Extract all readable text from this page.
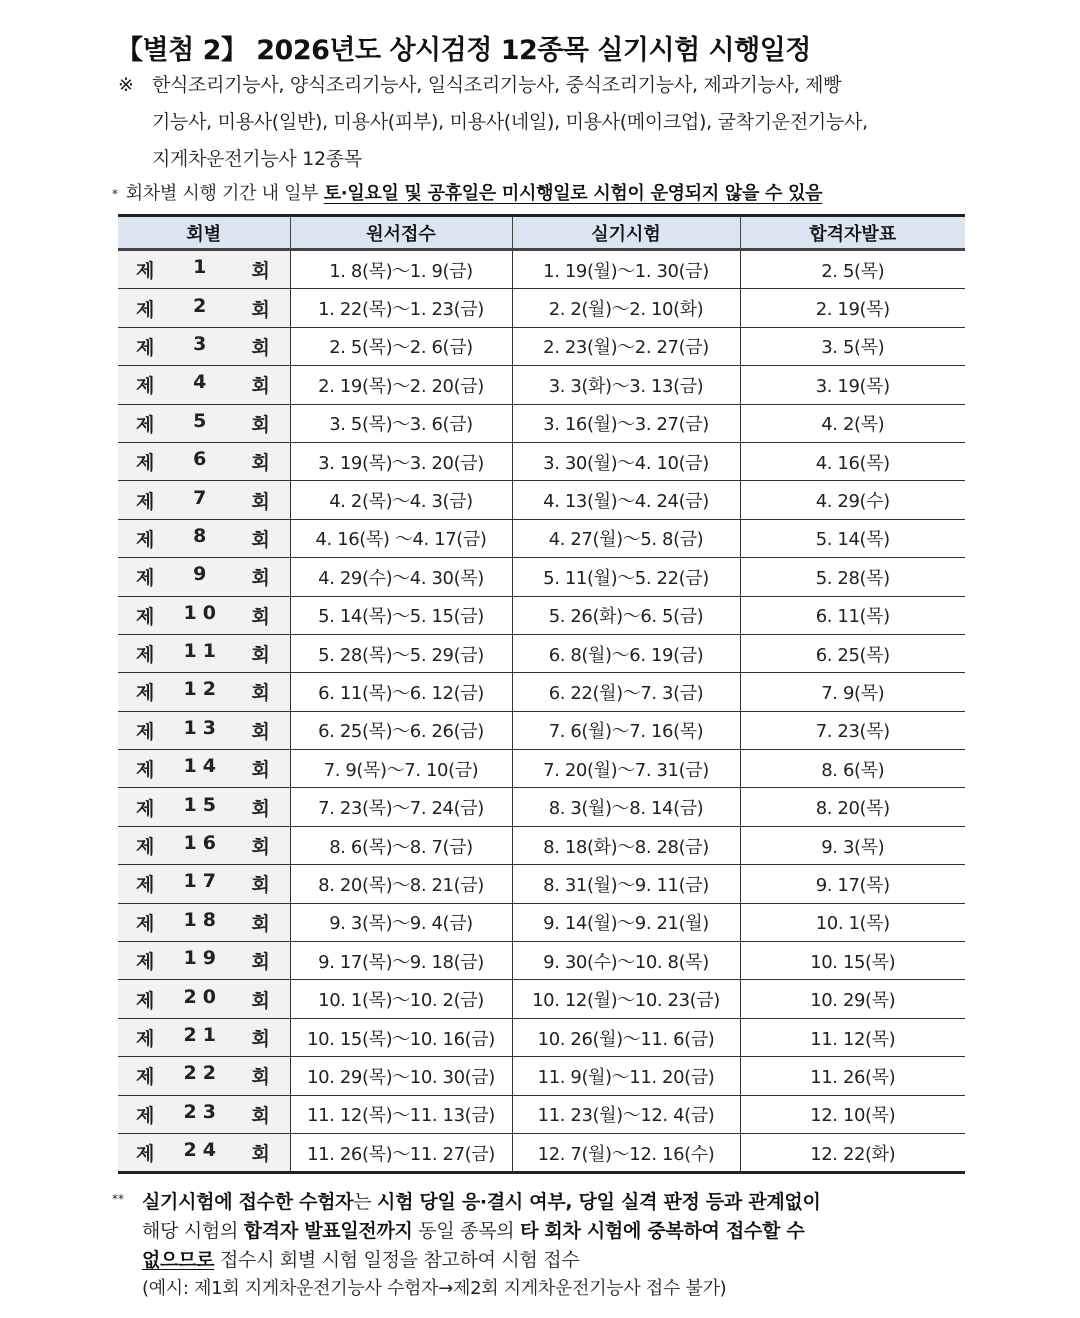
【별첨 2】 2026년도 상시검정 12종목 실기시험 시행일정
※ 한식조리기능사, 양식조리기능사, 일식조리기능사, 중식조리기능사, 제과기능사, 제빵
기능사, 미용사(일반), 미용사(피부), 미용사(네일), 미용사(메이크업), 굴착기운전기능사,
지게차운전기능사 12종목
* 회차별 시행 기간 내 일부 토·일요일 및 공휴일은 미시행일로 시험이 운영되지 않을 수 있음
회별	원서접수	실기시험	합격자발표

제 1 회	1. 8(목)～1. 9(금)	1. 19(월)～1. 30(금)	2. 5(목)

제 2 회	1. 22(목)～1. 23(금)	2. 2(월)～2. 10(화)	2. 19(목)

제 3 회	2. 5(목)～2. 6(금)	2. 23(월)～2. 27(금)	3. 5(목)

제 4 회	2. 19(목)～2. 20(금)	3. 3(화)～3. 13(금)	3. 19(목)

제 5 회	3. 5(목)～3. 6(금)	3. 16(월)～3. 27(금)	4. 2(목)

제 6 회	3. 19(목)～3. 20(금)	3. 30(월)～4. 10(금)	4. 16(목)

제 7 회	4. 2(목)～4. 3(금)	4. 13(월)～4. 24(금)	4. 29(수)

제 8 회	4. 16(목) ～4. 17(금)	4. 27(월)～5. 8(금)	5. 14(목)

제 9 회	4. 29(수)～4. 30(목)	5. 11(월)～5. 22(금)	5. 28(목)

제 10 회	5. 14(목)～5. 15(금)	5. 26(화)～6. 5(금)	6. 11(목)

제 11 회	5. 28(목)～5. 29(금)	6. 8(월)～6. 19(금)	6. 25(목)

제 12 회	6. 11(목)～6. 12(금)	6. 22(월)～7. 3(금)	7. 9(목)

제 13 회	6. 25(목)～6. 26(금)	7. 6(월)～7. 16(목)	7. 23(목)

제 14 회	7. 9(목)～7. 10(금)	7. 20(월)～7. 31(금)	8. 6(목)

제 15 회	7. 23(목)～7. 24(금)	8. 3(월)～8. 14(금)	8. 20(목)

제 16 회	8. 6(목)～8. 7(금)	8. 18(화)～8. 28(금)	9. 3(목)

제 17 회	8. 20(목)～8. 21(금)	8. 31(월)～9. 11(금)	9. 17(목)

제 18 회	9. 3(목)～9. 4(금)	9. 14(월)～9. 21(월)	10. 1(목)

제 19 회	9. 17(목)～9. 18(금)	9. 30(수)～10. 8(목)	10. 15(목)

제 20 회	10. 1(목)～10. 2(금)	10. 12(월)～10. 23(금)	10. 29(목)

제 21 회	10. 15(목)～10. 16(금)	10. 26(월)～11. 6(금)	11. 12(목)

제 22 회	10. 29(목)～10. 30(금)	11. 9(월)～11. 20(금)	11. 26(목)

제 23 회	11. 12(목)～11. 13(금)	11. 23(월)～12. 4(금)	12. 10(목)

제 24 회	11. 26(목)～11. 27(금)	12. 7(월)～12. 16(수)	12. 22(화)
** 실기시험에 접수한 수험자는 시험 당일 응·결시 여부, 당일 실격 판정 등과 관계없이
해당 시험의 합격자 발표일전까지 동일 종목의 타 회차 시험에 중복하여 접수할 수
없으므로 접수시 회별 시험 일정을 참고하여 시험 접수
(예시: 제1회 지게차운전기능사 수험자→제2회 지게차운전기능사 접수 불가)
